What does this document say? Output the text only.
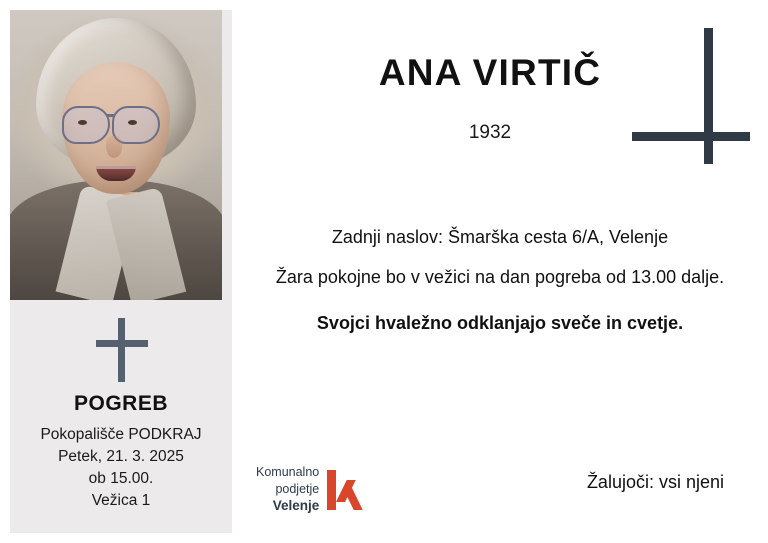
POGREB
Pokopališče PODKRAJ
Petek, 21. 3. 2025
ob 15.00.
Vežica 1
ANA VIRTIČ
1932
Zadnji naslov: Šmarška cesta 6/A, Velenje
Žara pokojne bo v vežici na dan pogreba od 13.00 dalje.
Svojci hvaležno odklanjajo sveče in cvetje.
Žalujoči: vsi njeni
Komunalno
podjetje
Velenje
